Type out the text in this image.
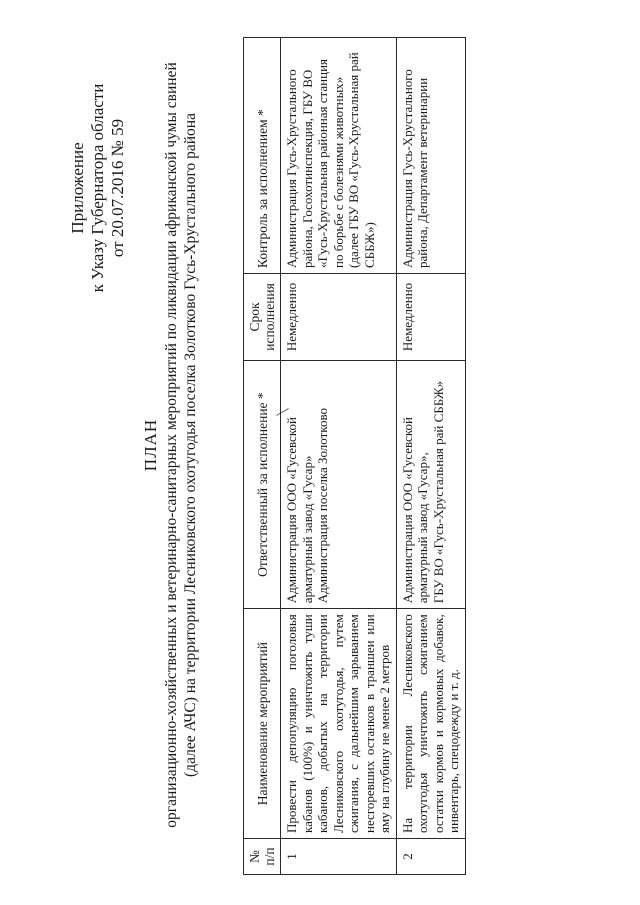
Приложение к Указу Губернатора области от 20.07.2016 № 59
ПЛАН организационно-хозяйственных и ветеринарно-санитарных мероприятий по ликвидации африканской чумы свиней (далее АЧС) на территории Лесниковского охотугодья поселка Золотково Гусь-Хрустального района
№ п/п	Наименование мероприятий	Ответственный за исполнение *	Срок исполнения	Контроль за исполнением *
1	Провести депопуляцию поголовья кабанов (100%) и уничтожить туши кабанов, добытых на территории Лесниковского охотугодья, путем сжигания, с дальнейшим зарыванием несгоревших останков в траншеи или яму на глубину не менее 2 метров	Администрация ООО «Гусевской арматурный завод «Гусар» Администрация поселка Золотково	Немедленно	Администрация Гусь-Хрустального района, Госохотинспекция, ГБУ ВО «Гусь-Хрустальная районная станция по борьбе с болезнями животных» (далее ГБУ ВО «Гусь-Хрустальная рай СББЖ»)
2	На территории Лесниковского охотугодья уничтожить сжиганием остатки кормов и кормовых добавок, инвентарь, спецодежду и т. д.	Администрация ООО «Гусевской арматурный завод «Гусар», ГБУ ВО «Гусь-Хрустальная рай СББЖ»	Немедленно	Администрация Гусь-Хрустального района, Департамент ветеринарии
